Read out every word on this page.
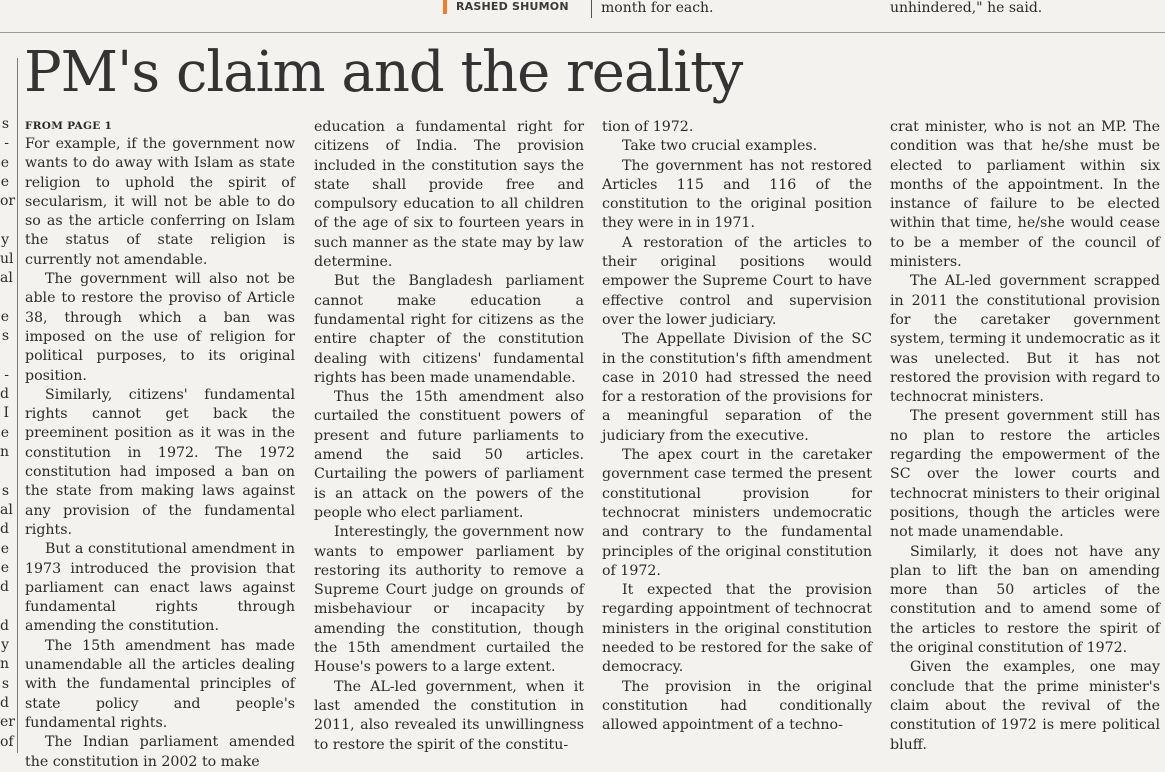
RASHED SHUMON month for each.	unhindered," he said.
s
-
e
e
or
y
ul
al
e
s
-
d
I
e
n
s
al
d
e
e
d
d
y
n
s
d
er
of
PM's claim and the reality
FROM PAGE 1

For example, if the government now wants to do away with Islam as state religion to uphold the spirit of secularism, it will not be able to do so as the article conferring on Islam the status of state religion is currently not amendable.

The government will also not be able to restore the proviso of Article 38, through which a ban was imposed on the use of religion for political purposes, to its original position.

Similarly, citizens' fundamental rights cannot get back the preeminent position as it was in the constitution in 1972. The 1972 constitution had imposed a ban on the state from making laws against any provision of the fundamental rights.

But a constitutional amendment in 1973 introduced the provision that parliament can enact laws against fundamental rights through amending the constitution.

The 15th amendment has made unamendable all the articles dealing with the fundamental principles of state policy and people's fundamental rights.

The Indian parliament amended the constitution in 2002 to make

education a fundamental right for citizens of India. The provision included in the constitution says the state shall provide free and compulsory education to all children of the age of six to fourteen years in such manner as the state may by law determine.

But the Bangladesh parliament cannot make education a fundamental right for citizens as the entire chapter of the constitution dealing with citizens' fundamental rights has been made unamendable.

Thus the 15th amendment also curtailed the constituent powers of present and future parliaments to amend the said 50 articles. Curtailing the powers of parliament is an attack on the powers of the people who elect parliament.

Interestingly, the government now wants to empower parliament by restoring its authority to remove a Supreme Court judge on grounds of misbehaviour or incapacity by amending the constitution, though the 15th amendment curtailed the House's powers to a large extent.

The AL-led government, when it last amended the constitution in 2011, also revealed its unwillingness to restore the spirit of the constitu-

tion of 1972.

Take two crucial examples.

The government has not restored Articles 115 and 116 of the constitution to the original position they were in in 1971.

A restoration of the articles to their original positions would empower the Supreme Court to have effective control and supervision over the lower judiciary.

The Appellate Division of the SC in the constitution's fifth amendment case in 2010 had stressed the need for a restoration of the provisions for a meaningful separation of the judiciary from the executive.

The apex court in the caretaker government case termed the present constitutional provision for technocrat ministers undemocratic and contrary to the fundamental principles of the original constitution of 1972.

It expected that the provision regarding appointment of technocrat ministers in the original constitution needed to be restored for the sake of democracy.

The provision in the original constitution had conditionally allowed appointment of a techno-

crat minister, who is not an MP. The condition was that he/she must be elected to parliament within six months of the appointment. In the instance of failure to be elected within that time, he/she would cease to be a member of the council of ministers.

The AL-led government scrapped in 2011 the constitutional provision for the caretaker government system, terming it undemocratic as it was unelected. But it has not restored the provision with regard to technocrat ministers.

The present government still has no plan to restore the articles regarding the empowerment of the SC over the lower courts and technocrat ministers to their original positions, though the articles were not made unamendable.

Similarly, it does not have any plan to lift the ban on amending more than 50 articles of the constitution and to amend some of the articles to restore the spirit of the original constitution of 1972.

Given the examples, one may conclude that the prime minister's claim about the revival of the constitution of 1972 is mere political bluff.
